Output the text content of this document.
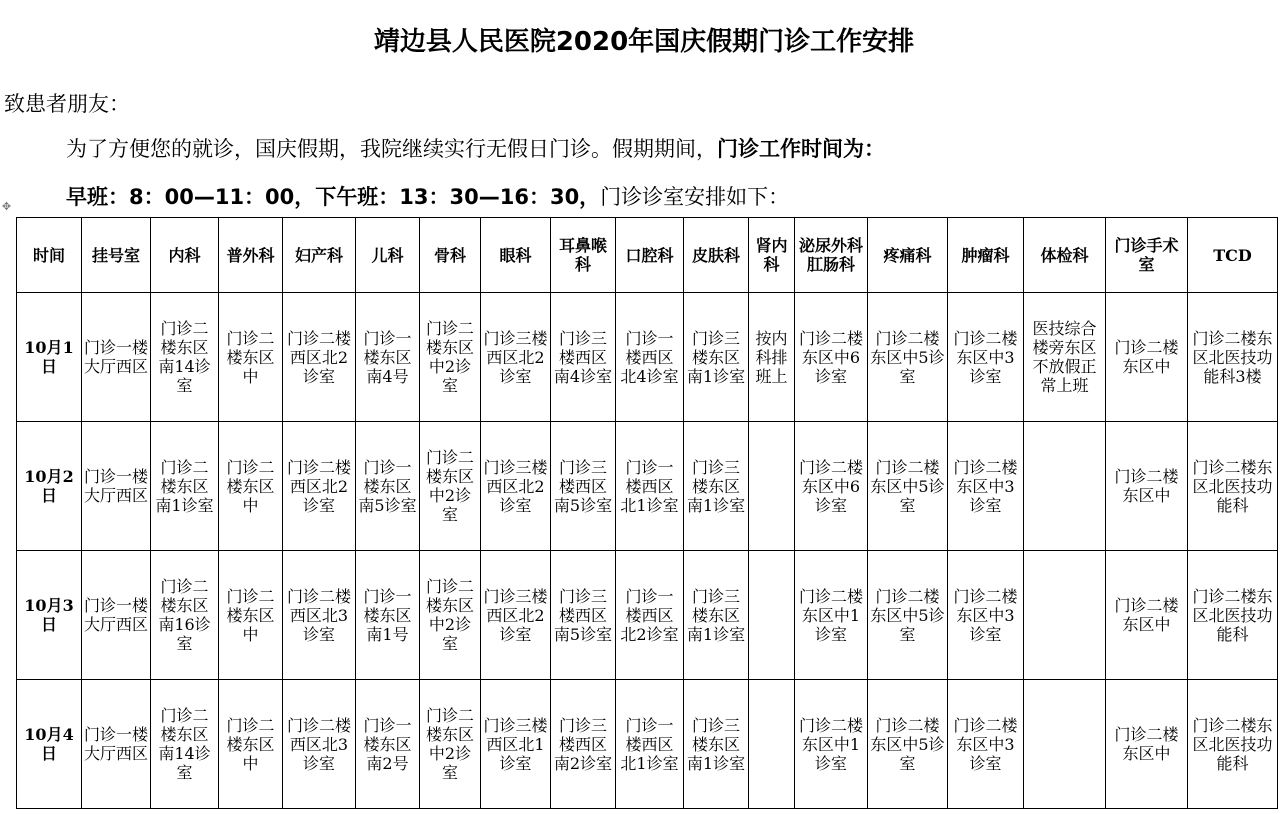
靖边县人民医院2020年国庆假期门诊工作安排
致患者朋友：
为了方便您的就诊，国庆假期，我院继续实行无假日门诊。假期期间，门诊工作时间为：
早班：8：00—11：00，下午班：13：30—16：30，门诊诊室安排如下：
✥
时间	挂号室	内科	普外科	妇产科	儿科	骨科	眼科	耳鼻喉科	口腔科	皮肤科	肾内科	泌尿外科肛肠科	疼痛科	肿瘤科	体检科	门诊手术室	TCD
10月1日	门诊一楼大厅西区	门诊二楼东区南14诊室	门诊二楼东区中	门诊二楼西区北2诊室	门诊一楼东区南4号	门诊二楼东区中2诊室	门诊三楼西区北2诊室	门诊三楼西区南4诊室	门诊一楼西区北4诊室	门诊三楼东区南1诊室	按内科排班上	门诊二楼东区中6诊室	门诊二楼东区中5诊室	门诊二楼东区中3诊室	医技综合楼旁东区不放假正常上班	门诊二楼东区中	门诊二楼东区北医技功能科3楼
10月2日	门诊一楼大厅西区	门诊二楼东区南1诊室	门诊二楼东区中	门诊二楼西区北2诊室	门诊一楼东区南5诊室	门诊二楼东区中2诊室	门诊三楼西区北2诊室	门诊三楼西区南5诊室	门诊一楼西区北1诊室	门诊三楼东区南1诊室		门诊二楼东区中6诊室	门诊二楼东区中5诊室	门诊二楼东区中3诊室		门诊二楼东区中	门诊二楼东区北医技功能科
10月3日	门诊一楼大厅西区	门诊二楼东区南16诊室	门诊二楼东区中	门诊二楼西区北3诊室	门诊一楼东区南1号	门诊二楼东区中2诊室	门诊三楼西区北2诊室	门诊三楼西区南5诊室	门诊一楼西区北2诊室	门诊三楼东区南1诊室		门诊二楼东区中1诊室	门诊二楼东区中5诊室	门诊二楼东区中3诊室		门诊二楼东区中	门诊二楼东区北医技功能科
10月4日	门诊一楼大厅西区	门诊二楼东区南14诊室	门诊二楼东区中	门诊二楼西区北3诊室	门诊一楼东区南2号	门诊二楼东区中2诊室	门诊三楼西区北1诊室	门诊三楼西区南2诊室	门诊一楼西区北1诊室	门诊三楼东区南1诊室		门诊二楼东区中1诊室	门诊二楼东区中5诊室	门诊二楼东区中3诊室		门诊二楼东区中	门诊二楼东区北医技功能科
